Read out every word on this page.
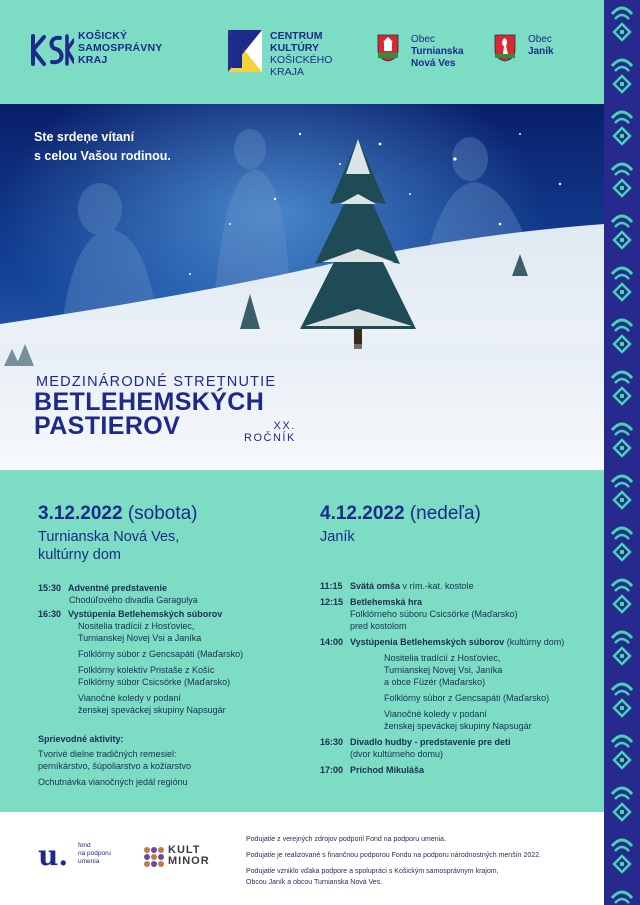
KOŠICKÝ
SAMOSPRÁVNY
KRAJ
CENTRUM
KULTÚRY
KOŠICKÉHO
KRAJA
Obec
Turnianska
Nová Ves
Obec
Janík
Ste srdeņe vítaní
s celou Vašou rodinou.
MEDZINÁRODNÉ STRETNUTIE
BETLEHEMSKÝCH
PASTIEROV	XX.
ROČNÍK
3.12.2022 (sobota)
Turnianska Nová Ves,
kultúrny dom
15:30 Adventné predstavenie
Chodúľového divadla Garagulya
16:30 Vystúpenia Betlehemských súborov
Nositelia tradícií z Hosťoviec,
Turnianskej Novej Vsi a Janíka
Folklórny súbor z Gencsapáti (Maďarsko)
Folklórny kolektív Pristaše z Košíc
Folklórny súbor Csicsörke (Maďarsko)
Vianočné koledy v podaní
ženskej speváckej skupiny Napsugár
Sprievodné aktivity:
Tvorivé dielne tradičných remesiel:
perníkárstvo, šúpoliarstvo a kožiarstvo
Ochutnávka vianočných jedál regiónu
4.12.2022 (nedeľa)
Janík
11:15 Svätá omša v rím.-kat. kostole
12:15 Betlehemská hra
Folklórneho súboru Csicsörke (Maďarsko)
pred kostolom
14:00 Vystúpenia Betlehemských súborov (kultúrny dom)
Nositelia tradícií z Hosťoviec,
Turnianskej Novej Vsi, Janíka
a obce Füzér (Maďarsko)
Folklórny súbor z Gencsapáti (Maďarsko)
Vianočné koledy v podaní
ženskej speváckej skupiny Napsugár
16:30 Divadlo hudby - predstavenie pre deti
(dvor kultúrneho domu)
17:00 Príchod Mikuláša
u. fond
na podporu
umenia
KULT
MINOR
Podujatie z verejných zdrojov podporil Fond na podporu umenia.
Podujatie je realizované s finančnou podporou Fondu na podporu národnostných menšín 2022.
Podujatie vzniklo vďaka podpore a spolupráci s Košickým samosprávnym krajom,
Obcou Janík a obcou Turnianska Nová Ves.
